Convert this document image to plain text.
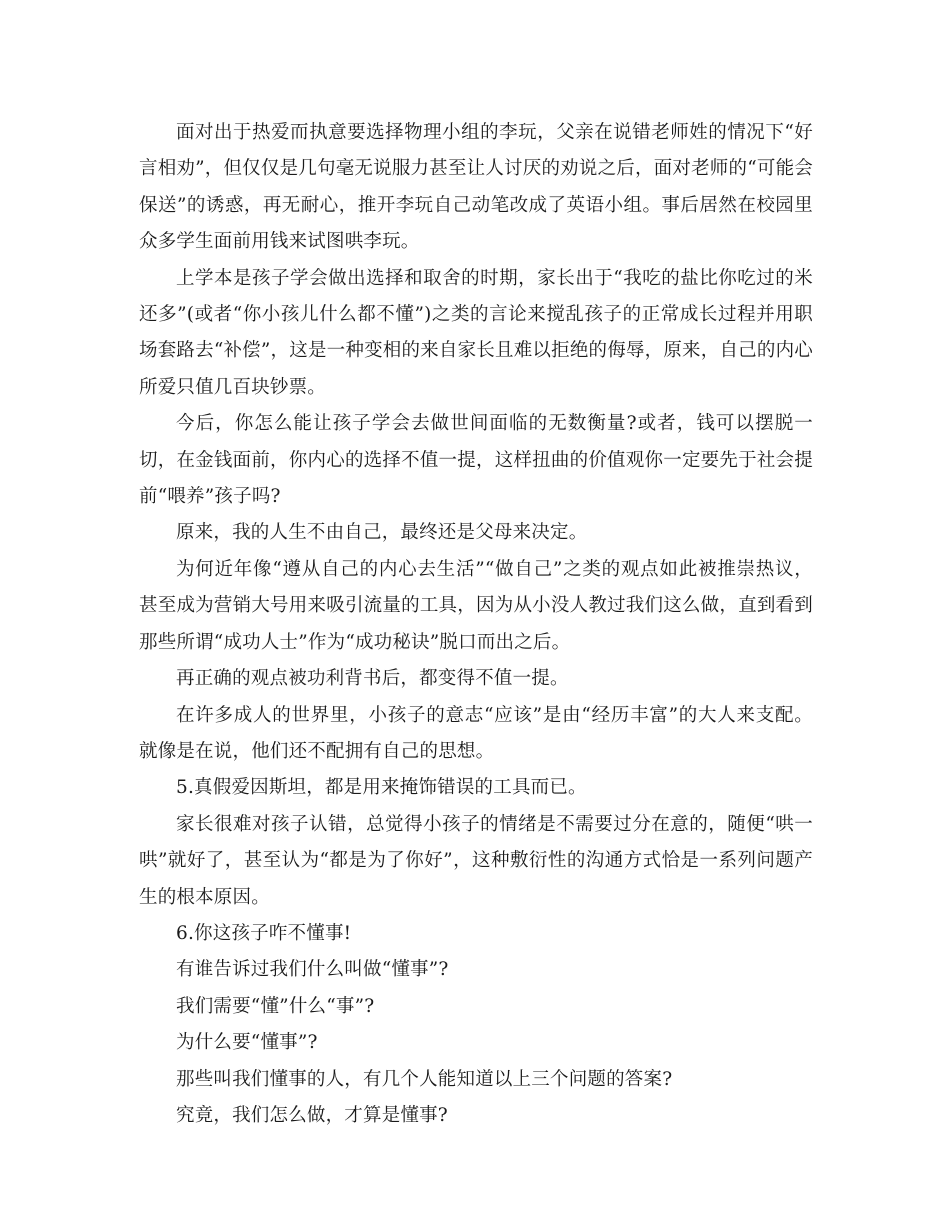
面对出于热爱而执意要选择物理小组的李玩，父亲在说错老师姓的情况下“好言相劝”，但仅仅是几句毫无说服力甚至让人讨厌的劝说之后，面对老师的“可能会保送”的诱惑，再无耐心，推开李玩自己动笔改成了英语小组。事后居然在校园里众多学生面前用钱来试图哄李玩。

上学本是孩子学会做出选择和取舍的时期，家长出于“我吃的盐比你吃过的米还多”(或者“你小孩儿什么都不懂”)之类的言论来搅乱孩子的正常成长过程并用职场套路去“补偿”，这是一种变相的来自家长且难以拒绝的侮辱，原来，自己的内心所爱只值几百块钞票。

今后，你怎么能让孩子学会去做世间面临的无数衡量?或者，钱可以摆脱一切，在金钱面前，你内心的选择不值一提，这样扭曲的价值观你一定要先于社会提前“喂养”孩子吗?

原来，我的人生不由自己，最终还是父母来决定。

为何近年像“遵从自己的内心去生活”“做自己”之类的观点如此被推崇热议，甚至成为营销大号用来吸引流量的工具，因为从小没人教过我们这么做，直到看到那些所谓“成功人士”作为“成功秘诀”脱口而出之后。

再正确的观点被功利背书后，都变得不值一提。

在许多成人的世界里，小孩子的意志“应该”是由“经历丰富”的大人来支配。就像是在说，他们还不配拥有自己的思想。

5.真假爱因斯坦，都是用来掩饰错误的工具而已。

家长很难对孩子认错，总觉得小孩子的情绪是不需要过分在意的，随便“哄一哄”就好了，甚至认为“都是为了你好”，这种敷衍性的沟通方式恰是一系列问题产生的根本原因。

6.你这孩子咋不懂事!

有谁告诉过我们什么叫做“懂事”?

我们需要“懂”什么“事”?

为什么要“懂事”?

那些叫我们懂事的人，有几个人能知道以上三个问题的答案?

究竟，我们怎么做，才算是懂事?
